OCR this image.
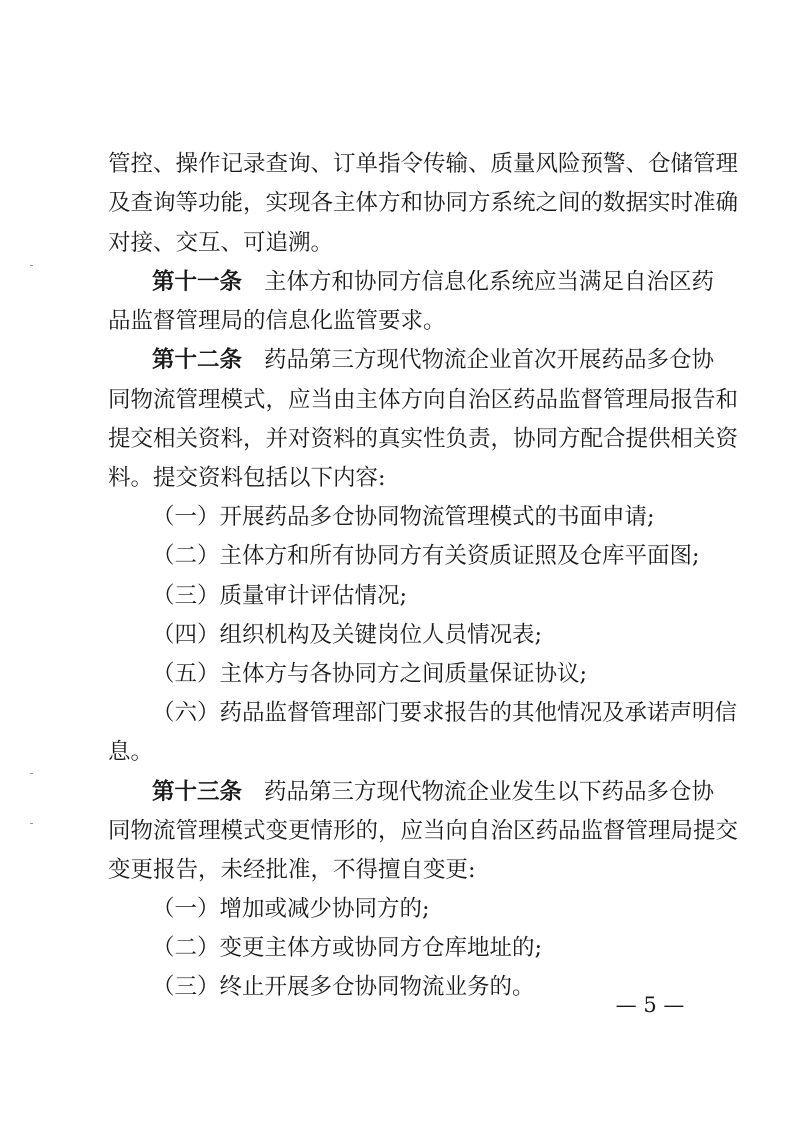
管控、操作记录查询、订单指令传输、质量风险预警、仓储管理
及查询等功能，实现各主体方和协同方系统之间的数据实时准确
对接、交互、可追溯。
第十一条 主体方和协同方信息化系统应当满足自治区药
品监督管理局的信息化监管要求。
第十二条 药品第三方现代物流企业首次开展药品多仓协
同物流管理模式，应当由主体方向自治区药品监督管理局报告和
提交相关资料，并对资料的真实性负责，协同方配合提供相关资
料。提交资料包括以下内容:
（一）开展药品多仓协同物流管理模式的书面申请;
（二）主体方和所有协同方有关资质证照及仓库平面图;
（三）质量审计评估情况;
（四）组织机构及关键岗位人员情况表;
（五）主体方与各协同方之间质量保证协议;
（六）药品监督管理部门要求报告的其他情况及承诺声明信
息。
第十三条 药品第三方现代物流企业发生以下药品多仓协
同物流管理模式变更情形的，应当向自治区药品监督管理局提交
变更报告，未经批准，不得擅自变更:
（一）增加或减少协同方的;
（二）变更主体方或协同方仓库地址的;
（三）终止开展多仓协同物流业务的。
— 5 —
